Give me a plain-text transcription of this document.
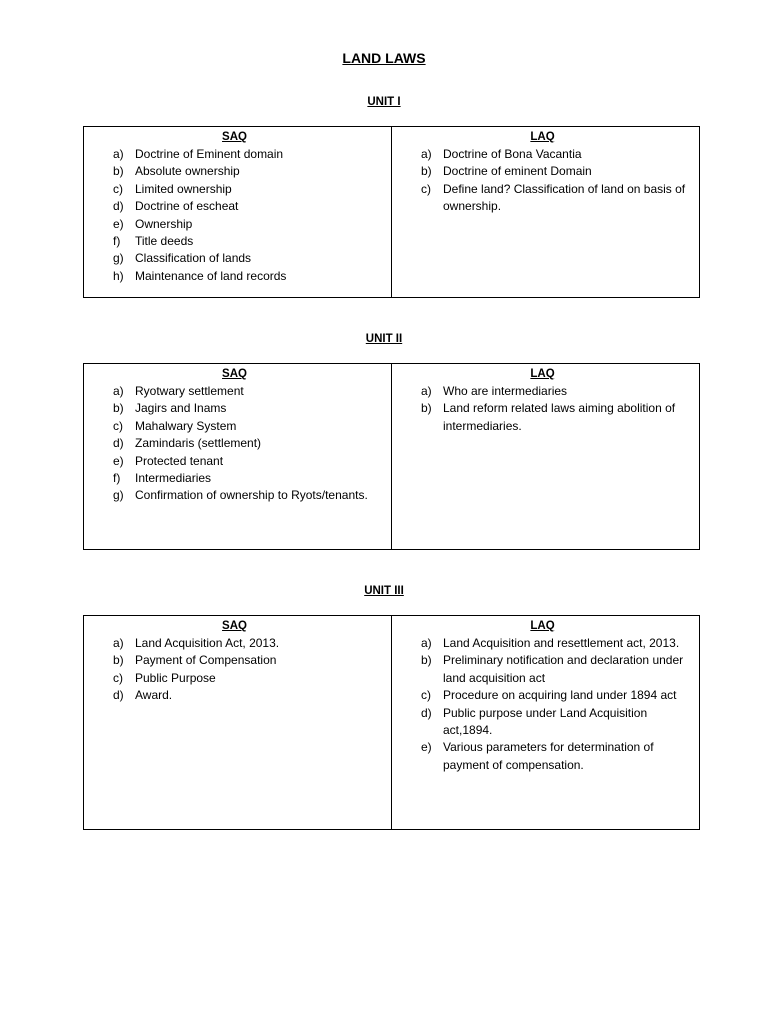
LAND LAWS
UNIT I
SAQ
a) Doctrine of Eminent domain
b) Absolute ownership
c)	Limited ownership
d) Doctrine of escheat
e) Ownership
f)	Title deeds
g) Classification of lands
h) Maintenance of land records
LAQ
a) Doctrine of Bona Vacantia
b) Doctrine of eminent Domain
c)	Define land? Classification of land on basis of ownership.
UNIT II
SAQ
a) Ryotwary settlement
b) Jagirs and Inams
c)	Mahalwary System
d) Zamindaris (settlement)
e) Protected tenant
f)	Intermediaries
g) Confirmation of ownership to Ryots/tenants.
LAQ
a) Who are intermediaries
b) Land reform related laws aiming abolition of intermediaries.
UNIT III
SAQ
a) Land Acquisition Act, 2013.
b) Payment of Compensation
c)	Public Purpose
d) Award.
LAQ
a) Land Acquisition and resettlement act, 2013.
b) Preliminary notification and declaration under land acquisition act
c)	Procedure on acquiring land under 1894 act
d) Public purpose under Land Acquisition act,1894.
e) Various parameters for determination of payment of compensation.
